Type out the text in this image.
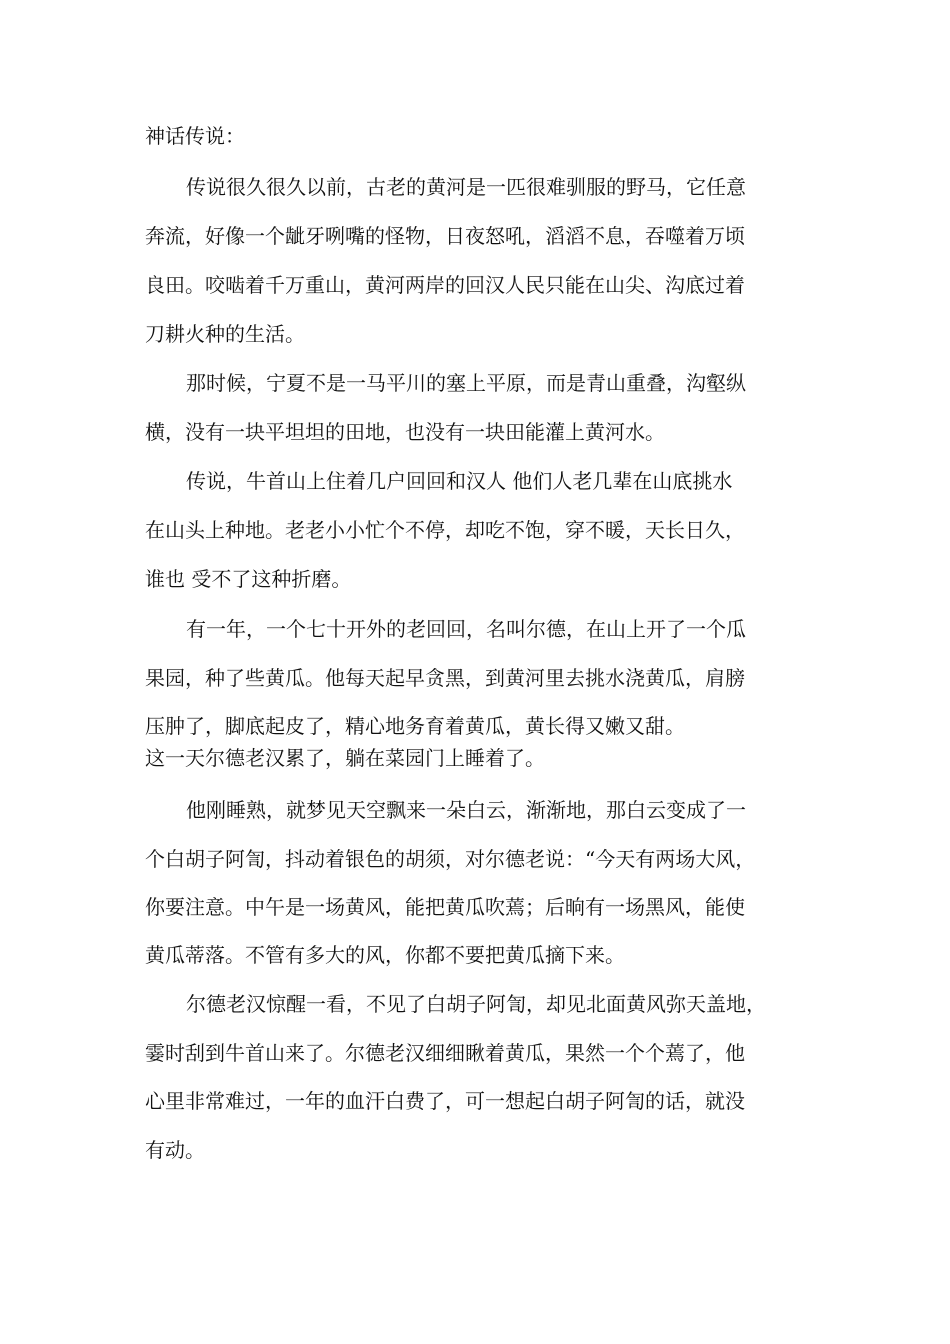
神话传说：
传说很久很久以前，古老的黄河是一匹很难驯服的野马，它任意
奔流，好像一个龇牙咧嘴的怪物，日夜怒吼，滔滔不息，吞噬着万顷
良田。咬啮着千万重山，黄河两岸的回汉人民只能在山尖、沟底过着
刀耕火种的生活。
那时候，宁夏不是一马平川的塞上平原，而是青山重叠，沟壑纵
横，没有一块平坦坦的田地，也没有一块田能灌上黄河水。
传说，牛首山上住着几户回回和汉人 他们人老几辈在山底挑水
在山头上种地。老老小小忙个不停，却吃不饱，穿不暖，天长日久，
谁也 受不了这种折磨。
有一年，一个七十开外的老回回，名叫尔德，在山上开了一个瓜
果园，种了些黄瓜。他每天起早贪黑，到黄河里去挑水浇黄瓜，肩膀
压肿了，脚底起皮了，精心地务育着黄瓜，黄长得又嫩又甜。
这一天尔德老汉累了，躺在菜园门上睡着了。
他刚睡熟，就梦见天空飘来一朵白云，渐渐地，那白云变成了一
个白胡子阿訇，抖动着银色的胡须，对尔德老说：“今天有两场大风，
你要注意。中午是一场黄风，能把黄瓜吹蔫；后晌有一场黑风，能使
黄瓜蒂落。不管有多大的风，你都不要把黄瓜摘下来。
尔德老汉惊醒一看，不见了白胡子阿訇，却见北面黄风弥天盖地，
霎时刮到牛首山来了。尔德老汉细细瞅着黄瓜，果然一个个蔫了，他
心里非常难过，一年的血汗白费了，可一想起白胡子阿訇的话，就没
有动。
